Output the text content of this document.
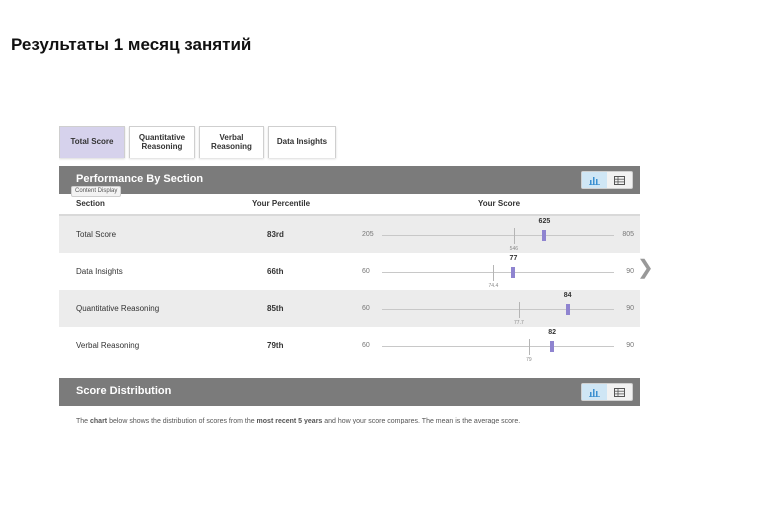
Результаты 1 месяц занятий
Total Score	Quantitative
Reasoning
Verbal
Reasoning	Data Insights
Performance By Section
Content Display
Section	Your Percentile	Your Score
Total Score	83rd	205
546
625
805
Data Insights	66th	60
74.4
77
90
Quantitative Reasoning	85th	60
77.7
84
90
Verbal Reasoning	79th	60
79
82
90
Score Distribution
The chart below shows the distribution of scores from the most recent 5 years and how your score compares. The mean is the average score.
❯
